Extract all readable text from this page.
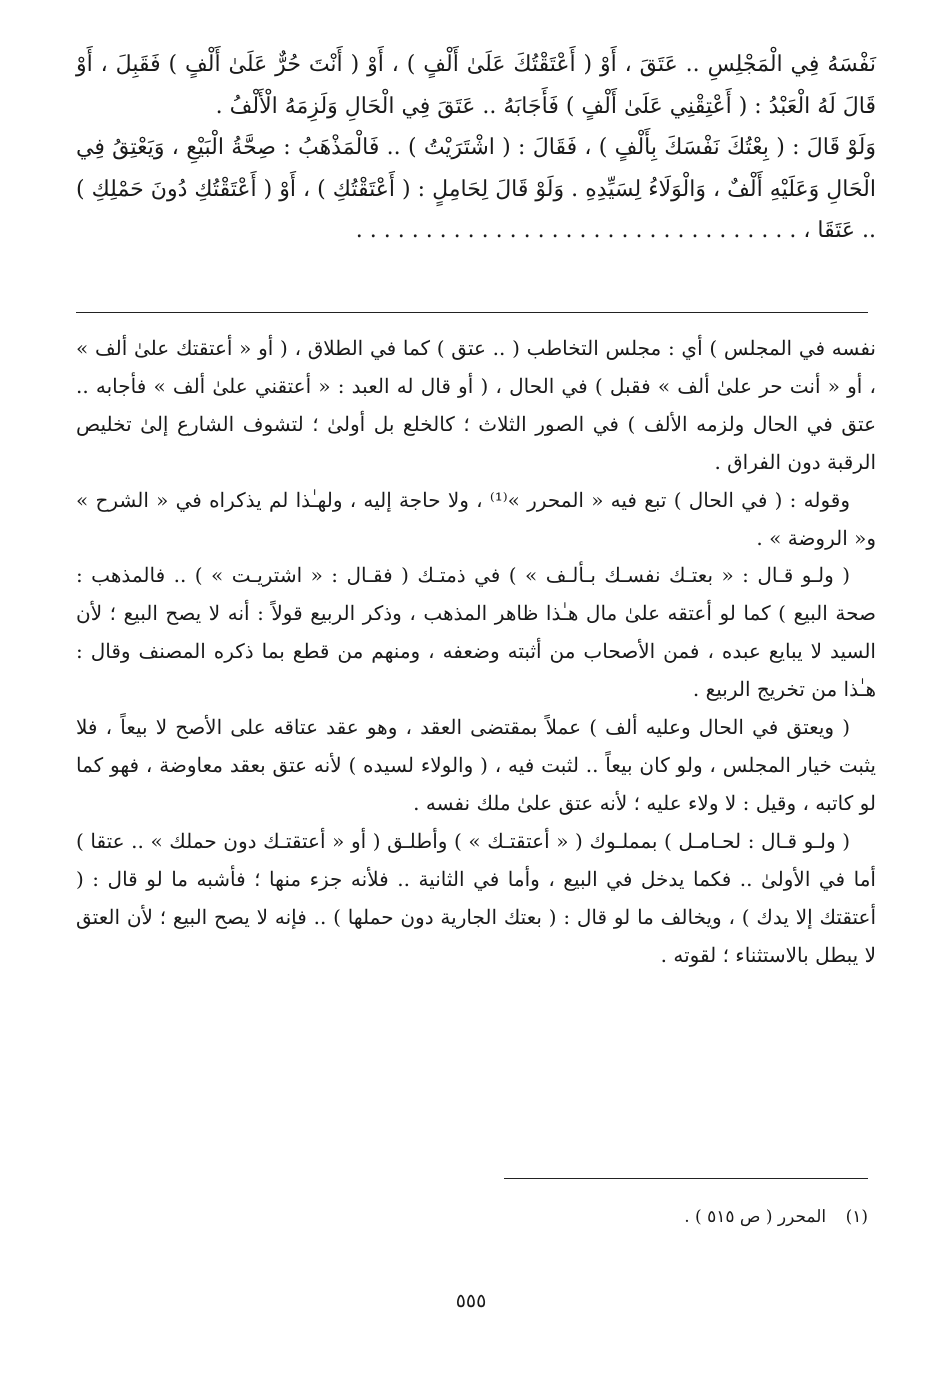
نَفْسَهُ فِي الْمَجْلِسِ .. عَتَقَ ، أَوْ ( أَعْتَقْتُكَ عَلَىٰ أَلْفٍ ) ، أَوْ ( أَنْتَ حُرٌّ عَلَىٰ أَلْفٍ ) فَقَبِلَ ، أَوْ قَالَ لَهُ الْعَبْدُ : ( أَعْتِقْنِي عَلَىٰ أَلْفٍ ) فَأَجَابَهُ .. عَتَقَ فِي الْحَالِ وَلَزِمَهُ الْأَلْفُ .

وَلَوْ قَالَ : ( بِعْتُكَ نَفْسَكَ بِأَلْفٍ ) ، فَقَالَ : ( اشْتَرَيْتُ ) .. فَالْمَذْهَبُ : صِحَّةُ الْبَيْعِ ، وَيَعْتِقُ فِي الْحَالِ وَعَلَيْهِ أَلْفٌ ، وَالْوَلَاءُ لِسَيِّدِهِ . وَلَوْ قَالَ لِحَامِلٍ : ( أَعْتَقْتُكِ ) ، أَوْ ( أَعْتَقْتُكِ دُونَ حَمْلِكِ ) .. عَتَقَا ، . . . . . . . . . . . . . . . . . . . . . . . . . . . . . . . .

نفسه في المجلس ) أي : مجلس التخاطب ( .. عتق ) كما في الطلاق ، ( أو « أعتقتك علىٰ ألف » ، أو « أنت حر علىٰ ألف » فقبل ) في الحال ، ( أو قال له العبد : « أعتقني علىٰ ألف » فأجابه .. عتق في الحال ولزمه الألف ) في الصور الثلاث ؛ كالخلع بل أولىٰ ؛ لتشوف الشارع إلىٰ تخليص الرقبة دون الفراق .

وقوله : ( في الحال ) تبع فيه « المحرر »⁽¹⁾ ، ولا حاجة إليه ، ولهـٰذا لم يذكراه في « الشرح » و« الروضة » .

( ولـو قـال : « بعتـك نفسـك بـألـف » ) في ذمتـك ( فقـال : « اشتريـت » ) .. فالمذهب : صحة البيع ) كما لو أعتقه علىٰ مال هـٰذا ظاهر المذهب ، وذكر الربيع قولاً : أنه لا يصح البيع ؛ لأن السيد لا يبايع عبده ، فمن الأصحاب من أثبته وضعفه ، ومنهم من قطع بما ذكره المصنف وقال : هـٰذا من تخريج الربيع .

( ويعتق في الحال وعليه ألف ) عملاً بمقتضى العقد ، وهو عقد عتاقه على الأصح لا بيعاً ، فلا يثبت خيار المجلس ، ولو كان بيعاً .. لثبت فيه ، ( والولاء لسيده ) لأنه عتق بعقد معاوضة ، فهو كما لو كاتبه ، وقيل : لا ولاء عليه ؛ لأنه عتق علىٰ ملك نفسه .

( ولـو قـال : لحـامـل ) بمملـوك ( « أعتقتـك » ) وأطلـق ( أو « أعتقتـك دون حملك » .. عتقا ) أما في الأولىٰ .. فكما يدخل في البيع ، وأما في الثانية .. فلأنه جزء منها ؛ فأشبه ما لو قال : ( أعتقتك إلا يدك ) ، ويخالف ما لو قال : ( بعتك الجارية دون حملها ) .. فإنه لا يصح البيع ؛ لأن العتق لا يبطل بالاستثناء ؛ لقوته .

(١) المحرر ( ص ٥١٥ ) .
٥٥٥
